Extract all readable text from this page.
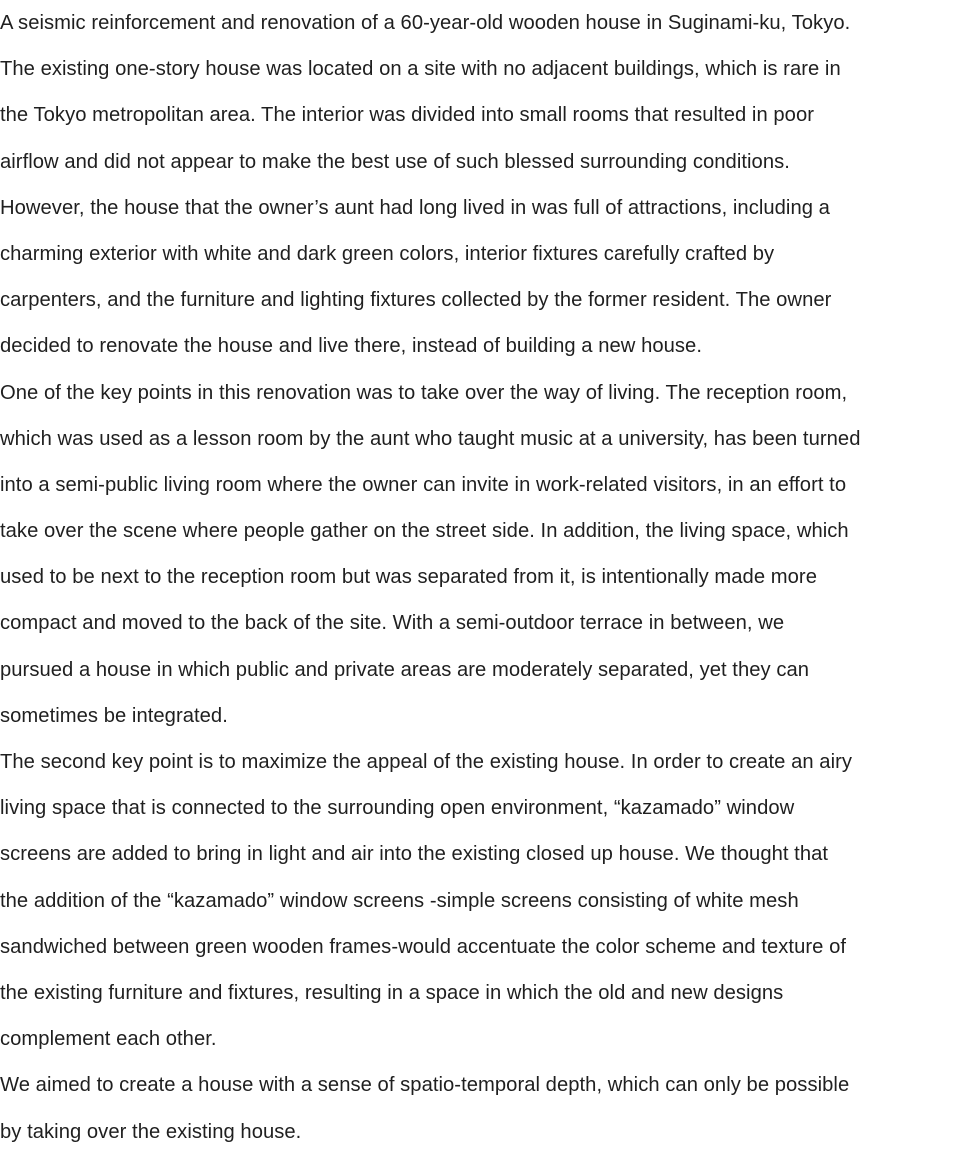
A seismic reinforcement and renovation of a 60-year-old wooden house in Suginami-ku, Tokyo.
The existing one-story house was located on a site with no adjacent buildings, which is rare in
the Tokyo metropolitan area. The interior was divided into small rooms that resulted in poor
airflow and did not appear to make the best use of such blessed surrounding conditions.
However, the house that the owner’s aunt had long lived in was full of attractions, including a
charming exterior with white and dark green colors, interior fixtures carefully crafted by
carpenters, and the furniture and lighting fixtures collected by the former resident. The owner
decided to renovate the house and live there, instead of building a new house.

One of the key points in this renovation was to take over the way of living. The reception room,
which was used as a lesson room by the aunt who taught music at a university, has been turned
into a semi-public living room where the owner can invite in work-related visitors, in an effort to
take over the scene where people gather on the street side. In addition, the living space, which
used to be next to the reception room but was separated from it, is intentionally made more
compact and moved to the back of the site. With a semi-outdoor terrace in between, we
pursued a house in which public and private areas are moderately separated, yet they can
sometimes be integrated.

The second key point is to maximize the appeal of the existing house. In order to create an airy
living space that is connected to the surrounding open environment, “kazamado” window
screens are added to bring in light and air into the existing closed up house. We thought that
the addition of the “kazamado” window screens -simple screens consisting of white mesh
sandwiched between green wooden frames-would accentuate the color scheme and texture of
the existing furniture and fixtures, resulting in a space in which the old and new designs
complement each other.

We aimed to create a house with a sense of spatio-temporal depth, which can only be possible
by taking over the existing house.
